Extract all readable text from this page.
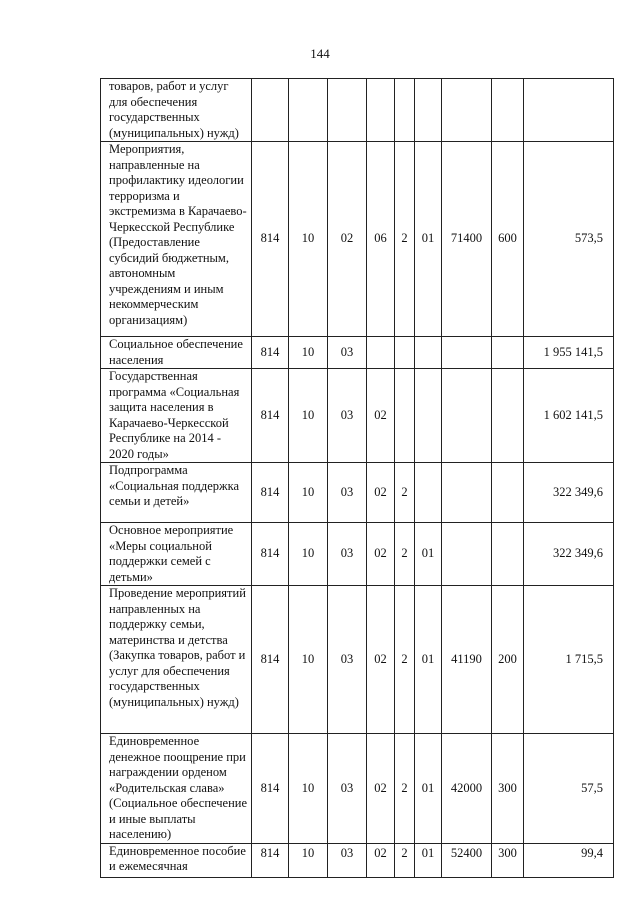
144
товаров, работ и услуг для обеспечения государственных (муниципальных) нужд)									
Мероприятия, направленные на профилактику идеологии терроризма и экстремизма в Карачаево-Черкесской Республике (Предоставление субсидий бюджетным, автономным учреждениям и иным некоммерческим организациям)	814	10	02	06	2	01	71400	600	573,5
Социальное обеспечение населения	814	10	03						1 955 141,5
Государственная программа «Социальная защита населения в Карачаево-Черкесской Республике на 2014 - 2020 годы»	814	10	03	02					1 602 141,5
Подпрограмма «Социальная поддержка семьи и детей»	814	10	03	02	2				322 349,6
Основное мероприятие «Меры социальной поддержки семей с детьми»	814	10	03	02	2	01			322 349,6
Проведение мероприятий направленных на поддержку семьи, материнства и детства (Закупка товаров, работ и услуг для обеспечения государственных (муниципальных) нужд)	814	10	03	02	2	01	41190	200	1 715,5
Единовременное денежное поощрение при награждении орденом «Родительская слава» (Социальное обеспечение и иные выплаты населению)	814	10	03	02	2	01	42000	300	57,5
Единовременное пособие и ежемесячная	814	10	03	02	2	01	52400	300	99,4
